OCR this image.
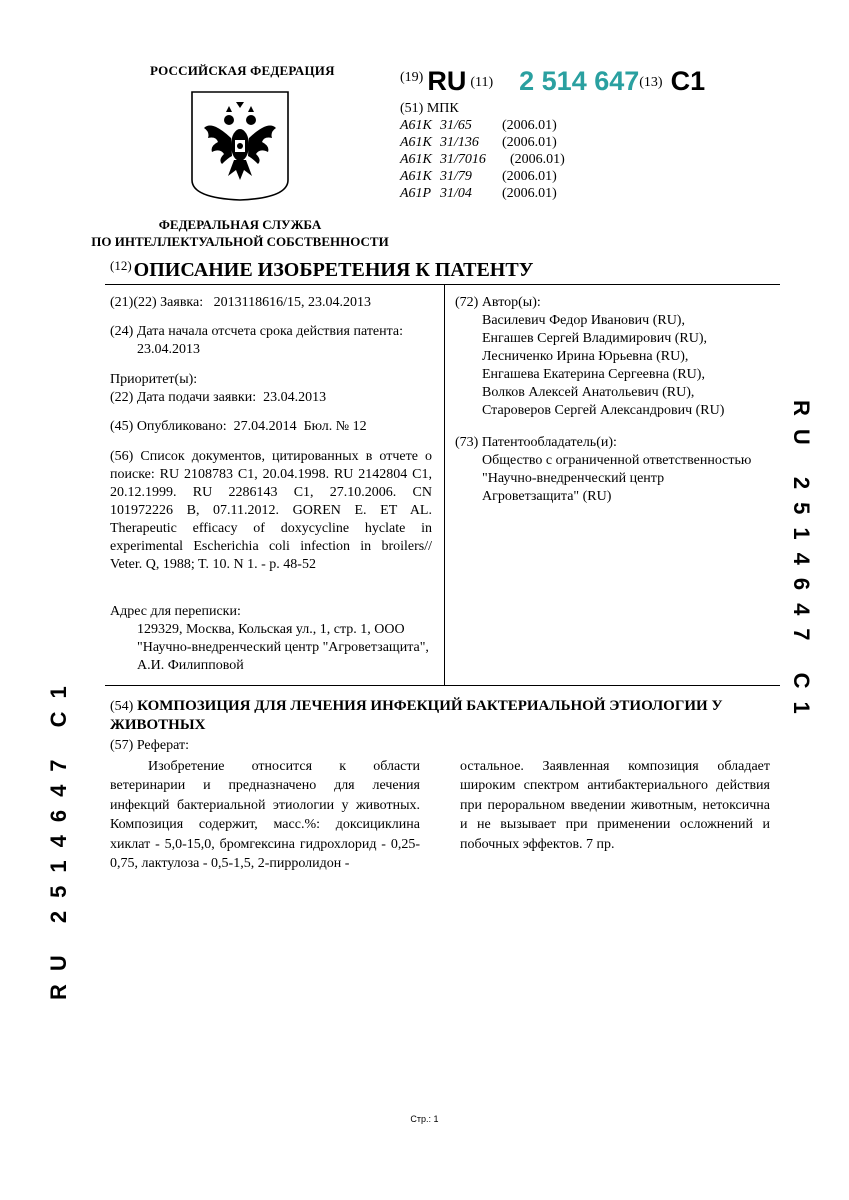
РОССИЙСКАЯ ФЕДЕРАЦИЯ
ФЕДЕРАЛЬНАЯ СЛУЖБА
ПО ИНТЕЛЛЕКТУАЛЬНОЙ СОБСТВЕННОСТИ
(19) RU (11) 2 514 647(13) C1
(51) МПК
A61K 31/65 (2006.01)
A61K 31/136 (2006.01)
A61K 31/7016 (2006.01)
A61K 31/79 (2006.01)
A61P 31/04 (2006.01)
$^{(12)}$ ОПИСАНИЕ ИЗОБРЕТЕНИЯ К ПАТЕНТУ
(21)(22) Заявка: 2013118616/15, 23.04.2013
(24) Дата начала отсчета срока действия патента:
23.04.2013
Приоритет(ы):
(22) Дата подачи заявки: 23.04.2013
(45) Опубликовано: 27.04.2014 Бюл. № 12
(56) Список документов, цитированных в отчете о поиске: RU 2108783 C1, 20.04.1998. RU 2142804 C1, 20.12.1999. RU 2286143 C1, 27.10.2006. CN 101972226 B, 07.11.2012. GOREN E. ET AL. Therapeutic efficacy of doxycycline hyclate in experimental Escherichia coli infection in broilers// Veter. Q, 1988; T. 10. N 1. - p. 48-52
Адрес для переписки:
129329, Москва, Кольская ул., 1, стр. 1, ООО
"Научно-внедренческий центр "Агроветзащита",
А.И. Филипповой
(72) Автор(ы):
Василевич Федор Иванович (RU),
Енгашев Сергей Владимирович (RU),
Лесниченко Ирина Юрьевна (RU),
Енгашева Екатерина Сергеевна (RU),
Волков Алексей Анатольевич (RU),
Староверов Сергей Александрович (RU)
(73) Патентообладатель(и):
Общество с ограниченной ответственностью
"Научно-внедренческий центр
Агроветзащита" (RU)
(54) КОМПОЗИЦИЯ ДЛЯ ЛЕЧЕНИЯ ИНФЕКЦИЙ БАКТЕРИАЛЬНОЙ ЭТИОЛОГИИ У ЖИВОТНЫХ
(57) Реферат:
Изобретение относится к области ветеринарии и предназначено для лечения инфекций бактериальной этиологии у животных. Композиция содержит, масс.%: доксициклина хиклат - 5,0-15,0, бромгексина гидрохлорид - 0,25-0,75, лактулоза - 0,5-1,5, 2-пирролидон -
остальное. Заявленная композиция обладает широким спектром антибактериального действия при пероральном введении животным, нетоксична и не вызывает при применении осложнений и побочных эффектов. 7 пр.
RU 2514647 C1
RU 2514647 C1
Стр.: 1
